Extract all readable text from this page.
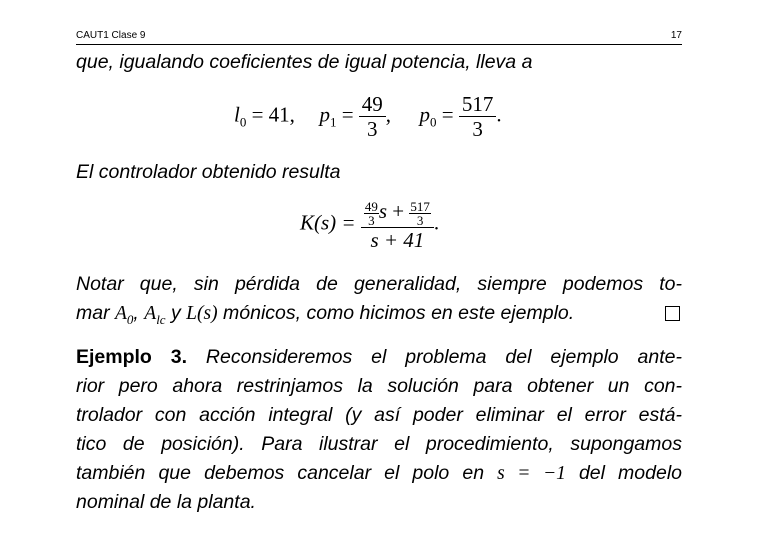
CAUT1 Clase 9	17
que, igualando coeficientes de igual potencia, lleva a
$l_0 = 41$, $p_1 = \frac{49}{3}$ , $p_0 = \frac{517}{3}$ .
El controlador obtenido resulta
$K(s) = \frac{\frac{49}{3} s + \frac{517}{3}}{s + 41}$ .
Notar que, sin pérdida de generalidad, siempre podemos to-
mar $A_0$, $A_{lc}$ y L(s) mónicos, como hicimos en este ejemplo.
Ejemplo 3. Reconsideremos el problema del ejemplo ante-
rior pero ahora restrinjamos la solución para obtener un con-
trolador con acción integral (y así poder eliminar el error está-
tico de posición). Para ilustrar el procedimiento, supongamos
también que debemos cancelar el polo en s = −1 del modelo
nominal de la planta.
